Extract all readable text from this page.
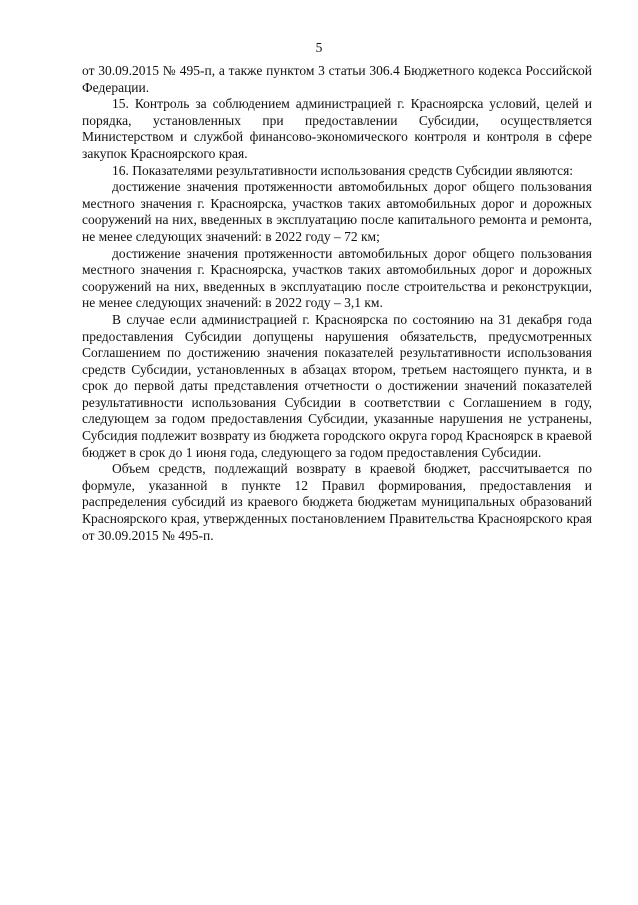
5

от 30.09.2015 № 495-п, а также пунктом 3 статьи 306.4 Бюджетного кодекса Российской Федерации.

15. Контроль за соблюдением администрацией г. Красноярска условий, целей и порядка, установленных при предоставлении Субсидии, осуществляется Министерством и службой финансово-экономического контроля и контроля в сфере закупок Красноярского края.

16. Показателями результативности использования средств Субсидии являются:

достижение значения протяженности автомобильных дорог общего пользования местного значения г. Красноярска, участков таких автомобильных дорог и дорожных сооружений на них, введенных в эксплуатацию после капитального ремонта и ремонта, не менее следующих значений: в 2022 году – 72 км;

достижение значения протяженности автомобильных дорог общего пользования местного значения г. Красноярска, участков таких автомобильных дорог и дорожных сооружений на них, введенных в эксплуатацию после строительства и реконструкции, не менее следующих значений: в 2022 году – 3,1 км.

В случае если администрацией г. Красноярска по состоянию на 31 декабря года предоставления Субсидии допущены нарушения обязательств, предусмотренных Соглашением по достижению значения показателей результативности использования средств Субсидии, установленных в абзацах втором, третьем настоящего пункта, и в срок до первой даты представления отчетности о достижении значений показателей результативности использования Субсидии в соответствии с Соглашением в году, следующем за годом предоставления Субсидии, указанные нарушения не устранены, Субсидия подлежит возврату из бюджета городского округа город Красноярск в краевой бюджет в срок до 1 июня года, следующего за годом предоставления Субсидии.

Объем средств, подлежащий возврату в краевой бюджет, рассчитывается по формуле, указанной в пункте 12 Правил формирования, предоставления и распределения субсидий из краевого бюджета бюджетам муниципальных образований Красноярского края, утвержденных постановлением Правительства Красноярского края от 30.09.2015 № 495-п.
